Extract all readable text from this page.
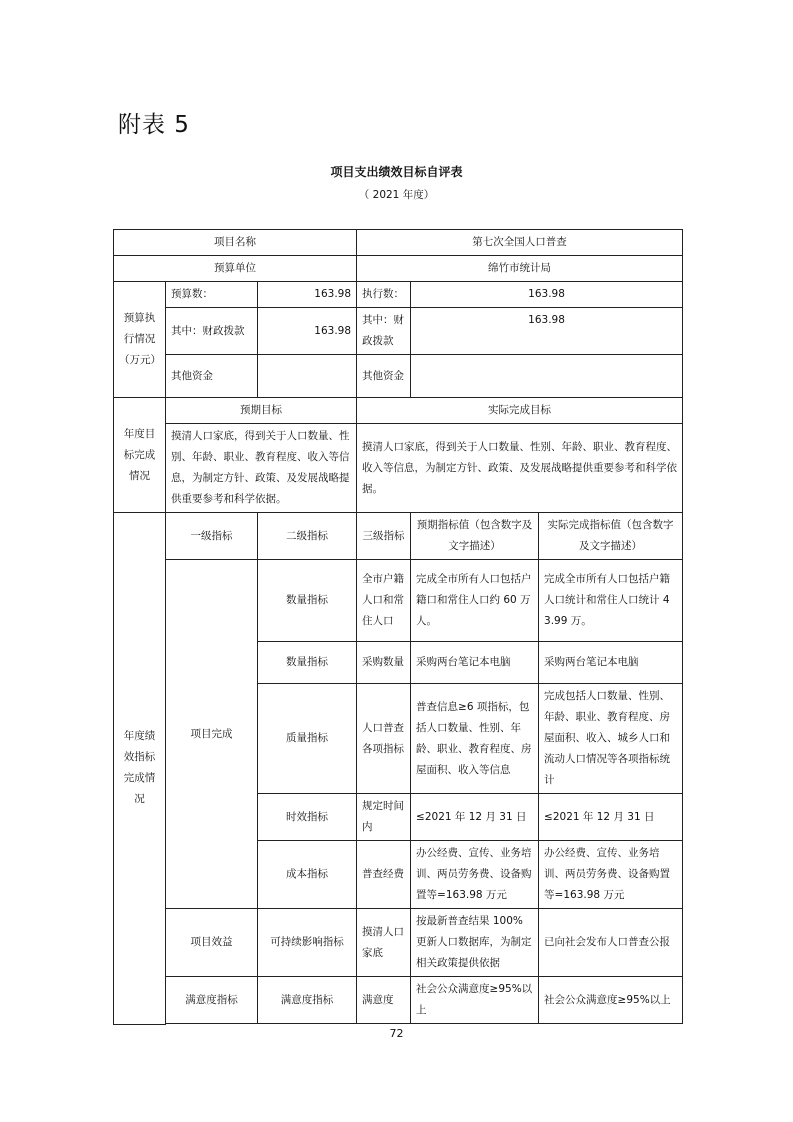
附表 5
项目支出绩效目标自评表
（ 2021 年度）
项目名称			第七次全国人口普查		
预算单位			绵竹市统计局		
预算执行情况（万元）	预算数：	163.98	执行数：	163.98	
	其中：财政拨款	163.98	其中：财政拨款	163.98	
	其他资金		其他资金		
年度目标完成情况	预期目标		实际完成目标		
	摸清人口家底，得到关于人口数量、性别、年龄、职业、教育程度、收入等信息，为制定方针、政策、及发展战略提供重要参考和科学依据。		摸清人口家底，得到关于人口数量、性别、年龄、职业、教育程度、收入等信息，为制定方针、政策、及发展战略提供重要参考和科学依据。		
年度绩效指标完成情况	一级指标	二级指标	三级指标	预期指标值（包含数字及文字描述）	实际完成指标值（包含数字及文字描述）
	项目完成	数量指标	全市户籍人口和常住人口	完成全市所有人口包括户籍口和常住人口约 60 万人。	完成全市所有人口包括户籍人口统计和常住人口统计 43.99 万。
		数量指标	采购数量	采购两台笔记本电脑	采购两台笔记本电脑
		质量指标	人口普查各项指标	普查信息≥6 项指标，包括人口数量、性别、年龄、职业、教育程度、房屋面积、收入等信息	完成包括人口数量、性别、年龄、职业、教育程度、房屋面积、收入、城乡人口和流动人口情况等各项指标统计
		时效指标	规定时间内	≤2021 年 12 月 31 日	≤2021 年 12 月 31 日
		成本指标	普查经费	办公经费、宣传、业务培训、两员劳务费、设备购置等=163.98 万元	办公经费、宣传、业务培训、两员劳务费、设备购置等=163.98 万元
	项目效益	可持续影响指标	摸清人口家底	按最新普查结果 100%更新人口数据库，为制定相关政策提供依据	已向社会发布人口普查公报
	满意度指标	满意度指标	满意度	社会公众满意度≥95%以上	社会公众满意度≥95%以上

72
